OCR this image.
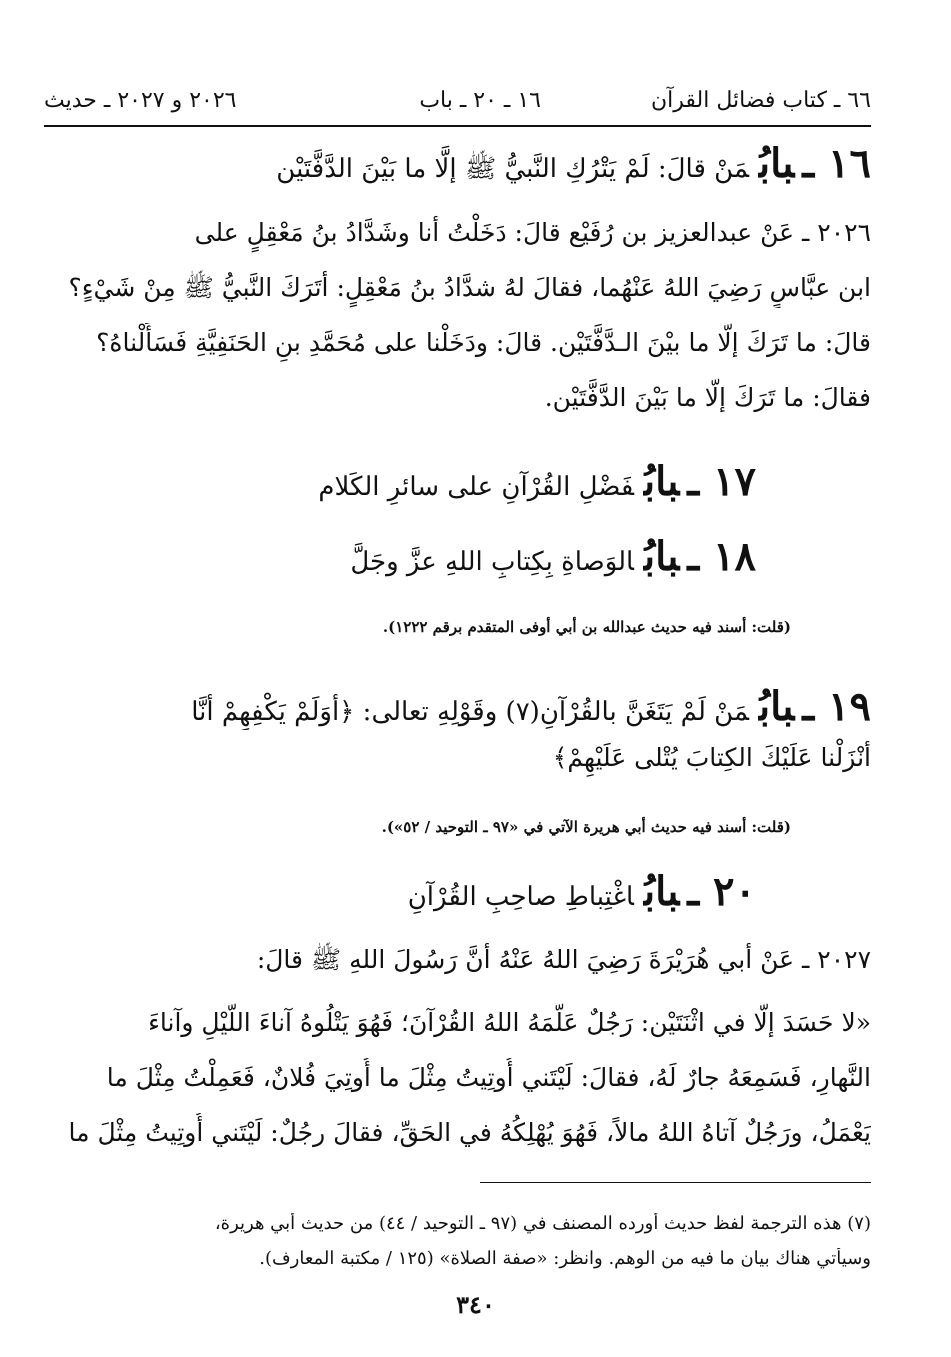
٦٦ ـ كتاب فضائل القرآن
١٦ ـ ٢٠ ـ باب
٢٠٢٦ و ٢٠٢٧ ـ حديث
١٦ ـبابُمَنْ قالَ: لَمْ يَتْرُكِ النَّبيُّ ﷺ إلَّا ما بَيْنَ الدَّفَّتَيْن
٢٠٢٦ ـ عَنْ عبدالعزيز بن رُفَيْع قالَ: دَخَلْتُ أنا وشَدَّادُ بنُ مَعْقِلٍ على
ابن عبَّاسٍ رَضِيَ اللهُ عَنْهُما، فقالَ لهُ شدَّادُ بنُ مَعْقِلٍ: أتَرَكَ النَّبيُّ ﷺ مِنْ شَيْءٍ؟
قالَ: ما تَرَكَ إلَّا ما بيْنَ الـدَّفَّتَيْن. قالَ: ودَخَلْنا على مُحَمَّدِ بنِ الحَنَفِيَّةِ فَسَأَلْناهُ؟
فقالَ: ما تَرَكَ إلَّا ما بَيْنَ الدَّفَّتَيْن.
١٧ ـبابُفَضْلِ القُرْآنِ على سائرِ الكَلام
١٨ ـبابُالوَصاةِ بِكِتابِ اللهِ عزَّ وجَلَّ
(قلت: أسند فيه حديث عبدالله بن أبي أوفى المتقدم برقم ١٢٢٢).
١٩ ـبابُمَنْ لَمْ يَتَغَنَّ بالقُرْآنِ(٧) وقَوْلِهِ تعالى: ﴿أوَلَمْ يَكْفِهِمْ أنَّا
أنْزَلْنا عَلَيْكَ الكِتابَ يُتْلى عَلَيْهِمْ﴾
(قلت: أسند فيه حديث أبي هريرة الآتي في «٩٧ ـ التوحيد / ٥٢»).
٢٠ ـبابُاغْتِباطِ صاحِبِ القُرْآنِ
٢٠٢٧ ـ عَنْ أبي هُرَيْرَةَ رَضِيَ اللهُ عَنْهُ أنَّ رَسُولَ اللهِ ﷺ قالَ:
«لا حَسَدَ إلَّا في اثْنَتَيْن: رَجُلٌ عَلَّمَهُ اللهُ القُرْآنَ؛ فَهُوَ يَتْلُوهُ آناءَ اللَّيْلِ وآناءَ
النَّهارِ، فَسَمِعَهُ جارٌ لَهُ، فقالَ: لَيْتَني أُوتِيتُ مِثْلَ ما أُوتِيَ فُلانٌ، فَعَمِلْتُ مِثْلَ ما
يَعْمَلُ، ورَجُلٌ آتاهُ اللهُ مالاً، فَهُوَ يُهْلِكُهُ في الحَقِّ، فقالَ رجُلٌ: لَيْتَني أُوتِيتُ مِثْلَ ما
(٧) هذه الترجمة لفظ حديث أورده المصنف في (٩٧ ـ التوحيد / ٤٤) من حديث أبي هريرة،
وسيأتي هناك بيان ما فيه من الوهم. وانظر: «صفة الصلاة» (١٢٥ / مكتبة المعارف).
٣٤٠
